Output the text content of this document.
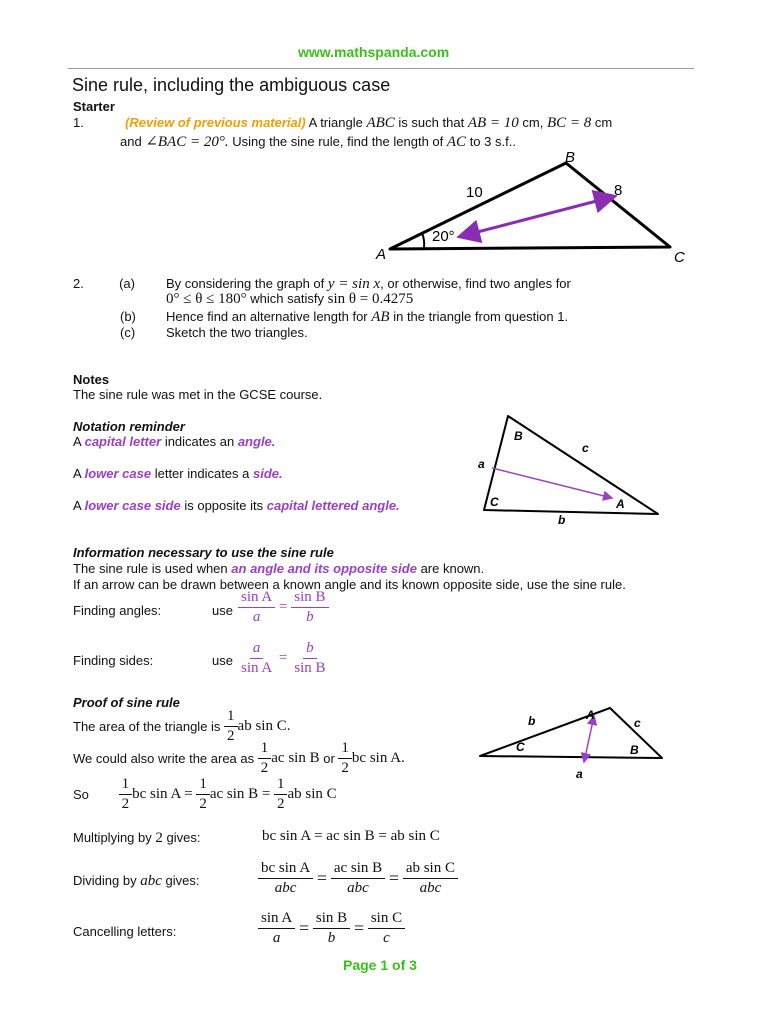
www.mathspanda.com
Sine rule, including the ambiguous case
Starter
1.	(Review of previous material) A triangle ABC is such that AB = 10 cm, BC = 8 cm
and ∠BAC = 20°. Using the sine rule, find the length of AC to 3 s.f..
B
A	C
10	8
20°
2.	(a) By considering the graph of y = sin x, or otherwise, find two angles for
0° ≤ θ ≤ 180° which satisfy sin θ = 0.4275
(b) Hence find an alternative length for AB in the triangle from question 1.
(c) Sketch the two triangles.
Notes
The sine rule was met in the GCSE course.
Notation reminder
A capital letter indicates an angle.
A lower case letter indicates a side.
A lower case side is opposite its capital lettered angle.
B
c
a
C	A
b
Information necessary to use the sine rule
The sine rule is used when an angle and its opposite side are known.
If an arrow can be drawn between a known angle and its known opposite side, use the sine rule.
Finding angles:	use $\frac{\text{sin A}}{a} = \frac{\text{sin B}}{b}$
Finding sides:	use $\frac{a}{\text{sin A}} = \frac{b}{\text{sin B}}$
Proof of sine rule
The area of the triangle is $\frac{1}{2}$ ab sin C.
We could also write the area as $\frac{1}{2}$ ac sin B or $\frac{1}{2}$ bc sin A.
So $\frac{1}{2}$ bc $\sin A = \frac{1}{2}$ ac $\sin B = \frac{1}{2}$ ab sin C
A
b	c
C	B
a
Multiplying by 2 gives:	bc sin A = ac sin B = ab sin C
Dividing by abc gives:	$\frac{\text{bc sin A}}{\text{abc}} = \frac{\text{ac sin B}}{\text{abc}} = \frac{\text{ab sin C}}{\text{abc}}$
Cancelling letters:	$\frac{\text{sin A}}{a} = \frac{\text{sin B}}{b} = \frac{\text{sin C}}{c}$
Page 1 of 3
